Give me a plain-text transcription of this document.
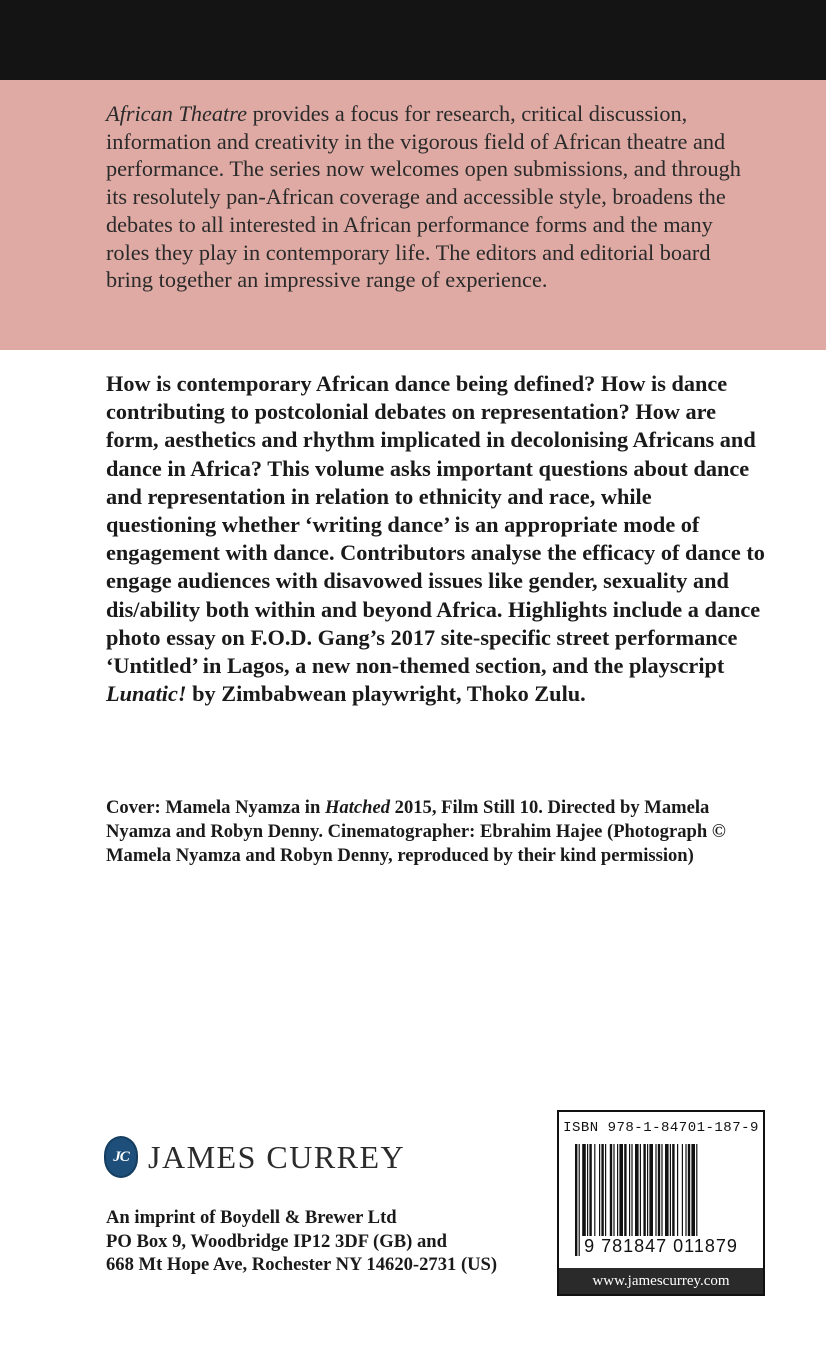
African Theatre provides a focus for research, critical discussion, information and creativity in the vigorous field of African theatre and performance. The series now welcomes open submissions, and through its resolutely pan-African coverage and accessible style, broadens the debates to all interested in African performance forms and the many roles they play in contemporary life. The editors and editorial board bring together an impressive range of experience.

How is contemporary African dance being defined? How is dance contributing to postcolonial debates on representation? How are form, aesthetics and rhythm implicated in decolonising Africans and dance in Africa? This volume asks important questions about dance and representation in relation to ethnicity and race, while questioning whether ‘writing dance’ is an appropriate mode of engagement with dance. Contributors analyse the efficacy of dance to engage audiences with disavowed issues like gender, sexuality and dis/ability both within and beyond Africa. Highlights include a dance photo essay on F.O.D. Gang’s 2017 site-specific street performance ‘Untitled’ in Lagos, a new non-themed section, and the playscript Lunatic! by Zimbabwean playwright, Thoko Zulu.

Cover: Mamela Nyamza in Hatched 2015, Film Still 10. Directed by Mamela Nyamza and Robyn Denny. Cinematographer: Ebrahim Hajee (Photograph © Mamela Nyamza and Robyn Denny, reproduced by their kind permission)
JC JAMES CURREY
An imprint of Boydell & Brewer Ltd
PO Box 9, Woodbridge IP12 3DF (GB) and
668 Mt Hope Ave, Rochester NY 14620-2731 (US)
ISBN 978-1-84701-187-9
9 781847 011879
www.jamescurrey.com
